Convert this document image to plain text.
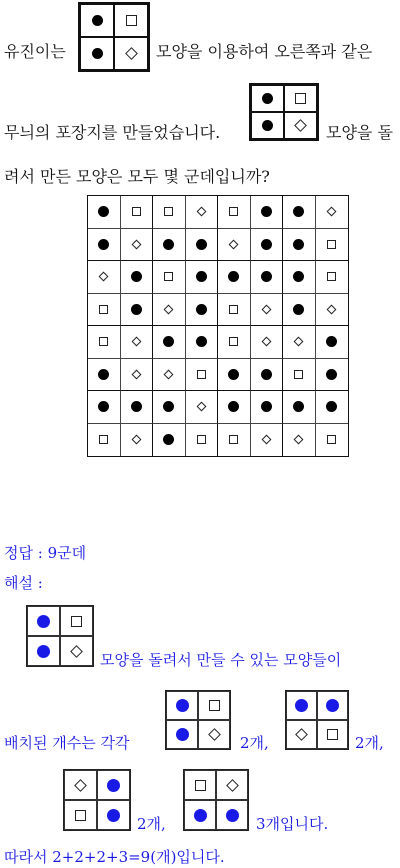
유진이는	모양을 이용하여 오른쪽과 같은
무늬의 포장지를 만들었습니다.	모양을 돌
려서 만든 모양은 모두 몇 군데입니까?
정답 : 9군데
해설 :
모양을 돌려서 만들 수 있는 모양들이
배치된 개수는 각각	2개,	2개,
2개,	3개입니다.
따라서 2+2+2+3=9(개)입니다.
